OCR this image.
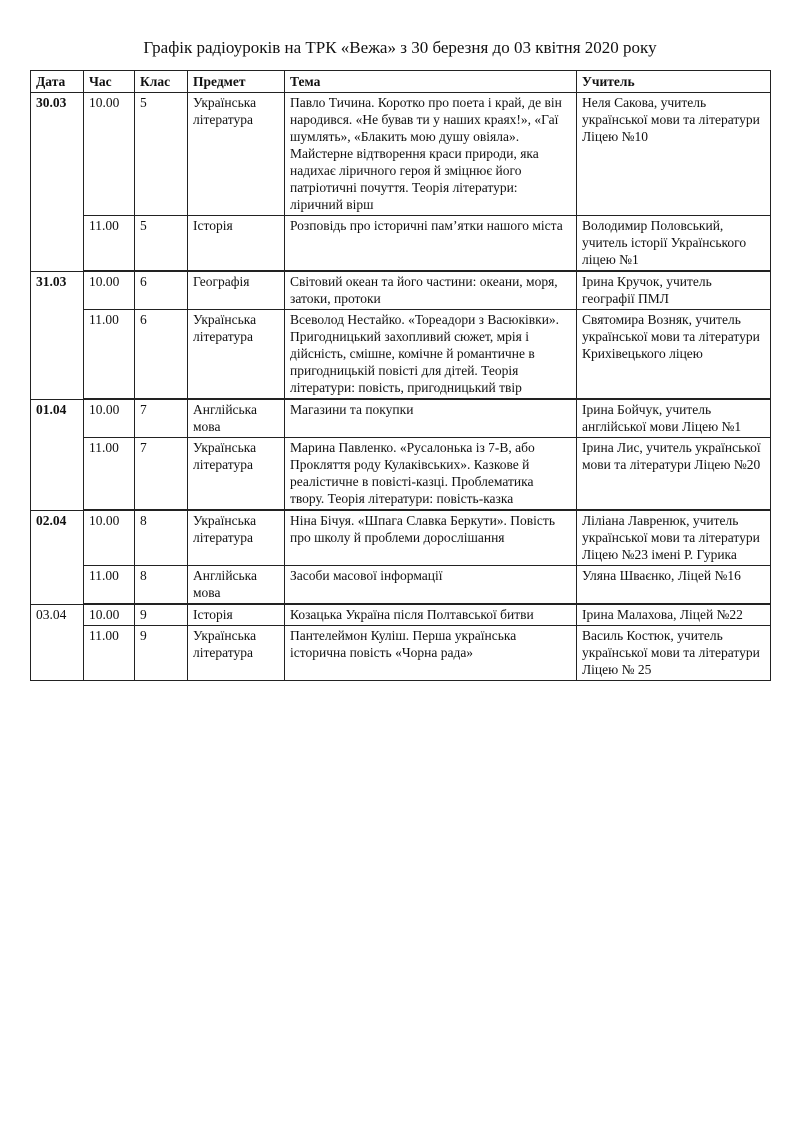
Графік радіоуроків на ТРК «Вежа» з 30 березня до 03 квітня 2020 року
Дата	Час	Клас	Предмет	Тема	Учитель
30.03	10.00	5	Українська література	Павло Тичина. Коротко про поета і край, де він народився. «Не бував ти у наших краях!», «Гаї шумлять», «Блакить мою душу овіяла». Майстерне відтворення краси природи, яка надихає ліричного героя й зміцнює його патріотичні почуття. Теорія літератури: ліричний вірш	Неля Сакова, учитель української мови та літератури Ліцею №10
	11.00	5	Історія	Розповідь про історичні пам’ятки нашого міста	Володимир Половський, учитель історії Українського ліцею №1
31.03	10.00	6	Географія	Світовий океан та його частини: океани, моря, затоки, протоки	Ірина Кручок, учитель географії ПМЛ
	11.00	6	Українська література	Всеволод Нестайко. «Тореадори з Васюківки». Пригодницький захопливий сюжет, мрія і дійсність, смішне, комічне й романтичне в пригодницькій повісті для дітей. Теорія літератури: повість, пригодницький твір	Святомира Возняк, учитель української мови та літератури Крихівецького ліцею
01.04	10.00	7	Англійська мова	Магазини та покупки	Ірина Бойчук, учитель англійської мови Ліцею №1
	11.00	7	Українська література	Марина Павленко. «Русалонька із 7-В, або Прокляття роду Кулаківських». Казкове й реалістичне в повісті-казці. Проблематика твору. Теорія літератури: повість-казка	Ірина Лис, учитель української мови та літератури Ліцею №20
02.04	10.00	8	Українська література	Ніна Бічуя. «Шпага Славка Беркути». Повість про школу й проблеми дорослішання	Ліліана Лавренюк, учитель української мови та літератури Ліцею №23 імені Р. Гурика
	11.00	8	Англійська мова	Засоби масової інформації	Уляна Шваєнко, Ліцей №16
03.04	10.00	9	Історія	Козацька Україна після Полтавської битви	Ірина Малахова, Ліцей №22
	11.00	9	Українська література	Пантелеймон Куліш. Перша українська історична повість «Чорна рада»	Василь Костюк, учитель української мови та літератури Ліцею № 25
